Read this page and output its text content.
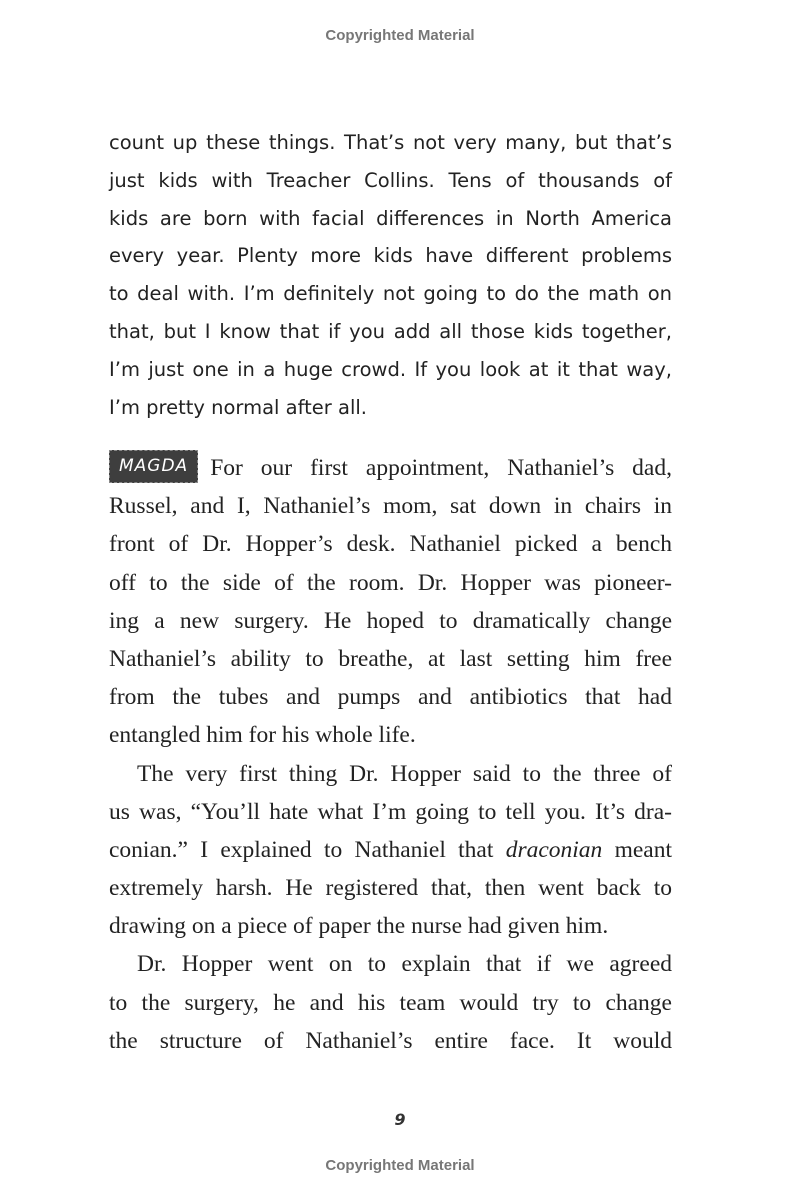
Copyrighted Material
count up these things. That’s not very many, but that’s
just kids with Treacher Collins. Tens of thousands of
kids are born with facial differences in North America
every year. Plenty more kids have different problems
to deal with. I’m definitely not going to do the math on
that, but I know that if you add all those kids together,
I’m just one in a huge crowd. If you look at it that way,
I’m pretty normal after all.
MAGDA For our first appointment, Nathaniel’s dad,
Russel, and I, Nathaniel’s mom, sat down in chairs in
front of Dr. Hopper’s desk. Nathaniel picked a bench
off to the side of the room. Dr. Hopper was pioneer-
ing a new surgery. He hoped to dramatically change
Nathaniel’s ability to breathe, at last setting him free
from the tubes and pumps and antibiotics that had
entangled him for his whole life.
The very first thing Dr. Hopper said to the three of
us was, “You’ll hate what I’m going to tell you. It’s dra-
conian.” I explained to Nathaniel that draconian meant
extremely harsh. He registered that, then went back to
drawing on a piece of paper the nurse had given him.
Dr. Hopper went on to explain that if we agreed
to the surgery, he and his team would try to change
the structure of Nathaniel’s entire face. It would
9
Copyrighted Material
